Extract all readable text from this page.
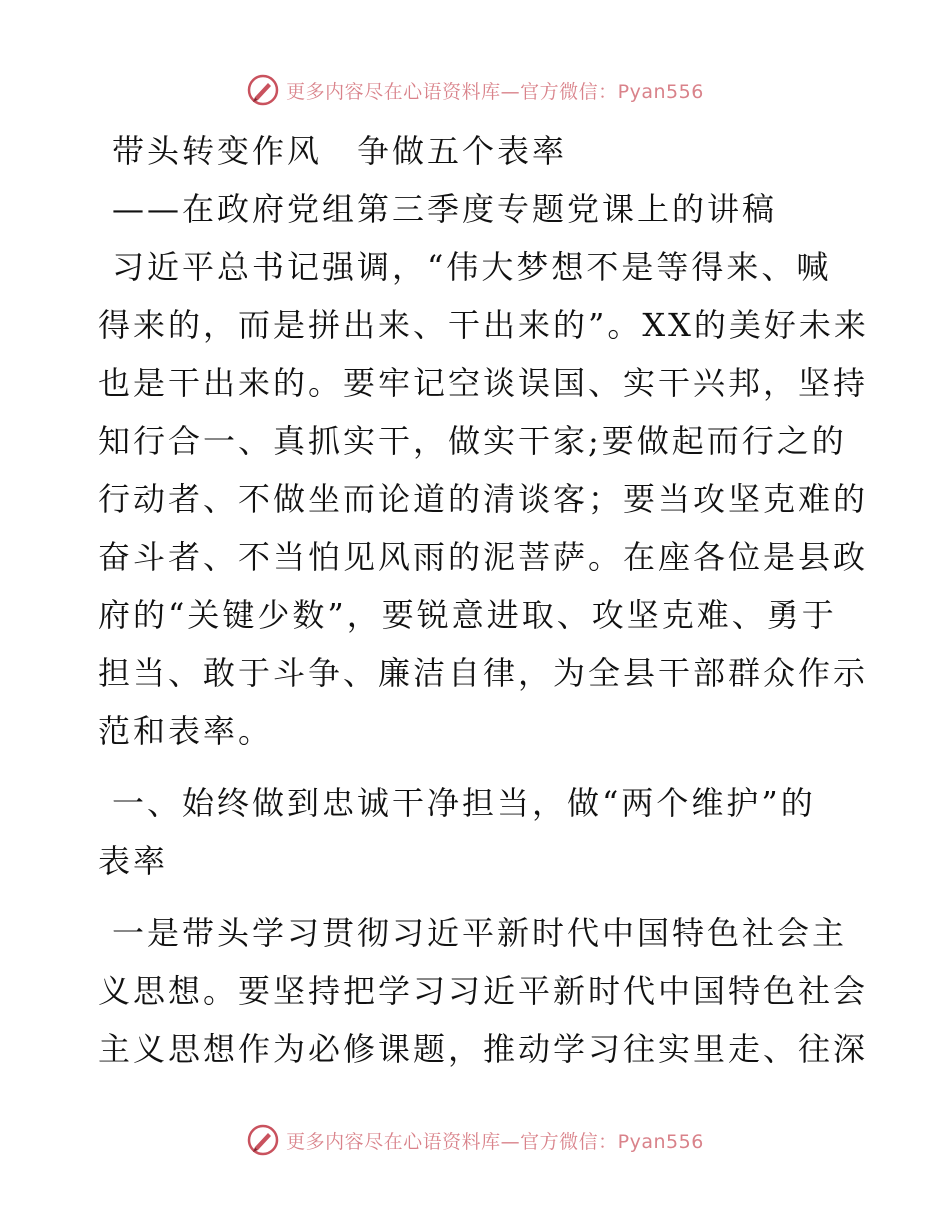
更多内容尽在心语资料库—官方微信：Pyan556

带头转变作风　争做五个表率

——在政府党组第三季度专题党课上的讲稿

习近平总书记强调，“伟大梦想不是等得来、喊

得来的，而是拼出来、干出来的”。XX的美好未来

也是干出来的。要牢记空谈误国、实干兴邦，坚持

知行合一、真抓实干，做实干家;要做起而行之的

行动者、不做坐而论道的清谈客；要当攻坚克难的

奋斗者、不当怕见风雨的泥菩萨。在座各位是县政

府的“关键少数”，要锐意进取、攻坚克难、勇于

担当、敢于斗争、廉洁自律，为全县干部群众作示

范和表率。

一、始终做到忠诚干净担当，做“两个维护”的

表率

一是带头学习贯彻习近平新时代中国特色社会主

义思想。要坚持把学习习近平新时代中国特色社会

主义思想作为必修课题，推动学习往实里走、往深

更多内容尽在心语资料库—官方微信：Pyan556
